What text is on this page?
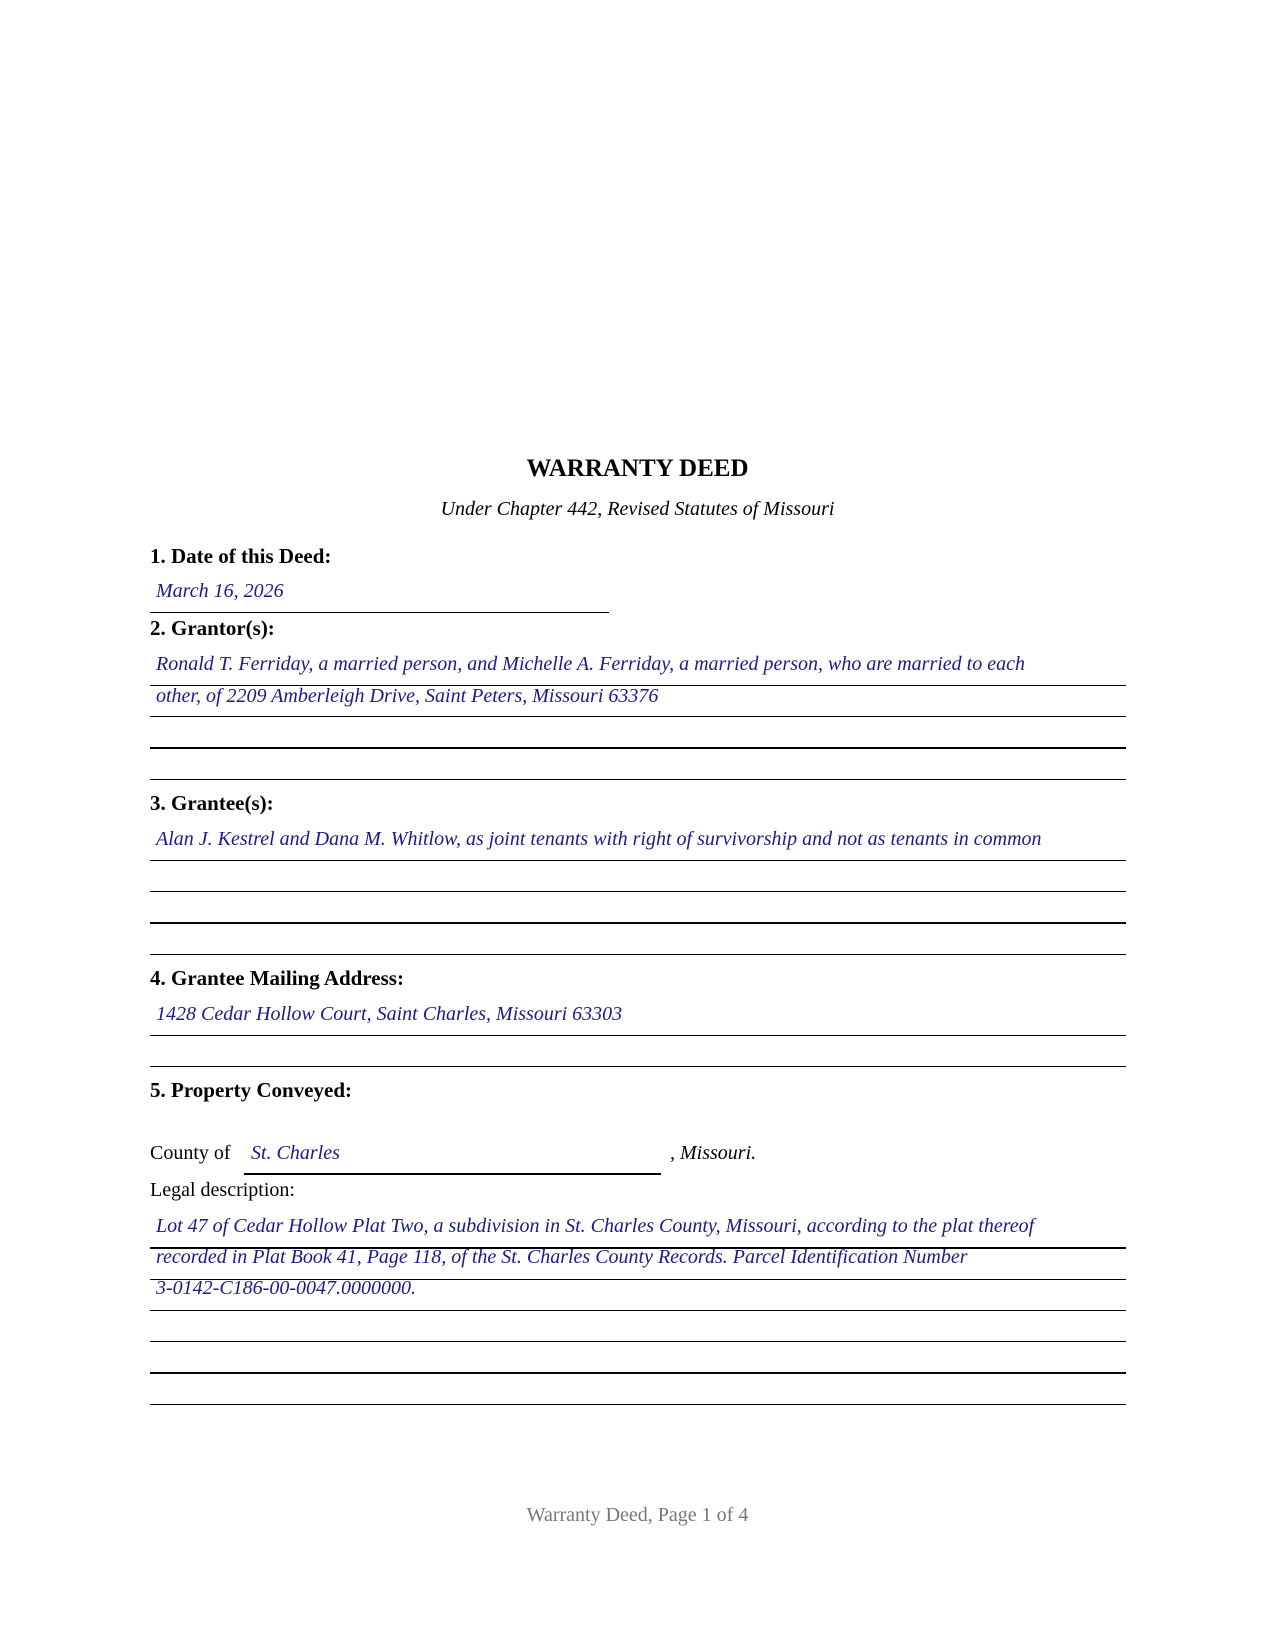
WARRANTY DEED
Under Chapter 442, Revised Statutes of Missouri
1. Date of this Deed:
March 16, 2026
2. Grantor(s):
Ronald T. Ferriday, a married person, and Michelle A. Ferriday, a married person, who are married to each
other, of 2209 Amberleigh Drive, Saint Peters, Missouri 63376
3. Grantee(s):
Alan J. Kestrel and Dana M. Whitlow, as joint tenants with right of survivorship and not as tenants in common
4. Grantee Mailing Address:
1428 Cedar Hollow Court, Saint Charles, Missouri 63303
5. Property Conveyed:
County of St. Charles	, Missouri.
Legal description:
Lot 47 of Cedar Hollow Plat Two, a subdivision in St. Charles County, Missouri, according to the plat thereof
recorded in Plat Book 41, Page 118, of the St. Charles County Records. Parcel Identification Number
3-0142-C186-00-0047.0000000.
Warranty Deed, Page 1 of 4
